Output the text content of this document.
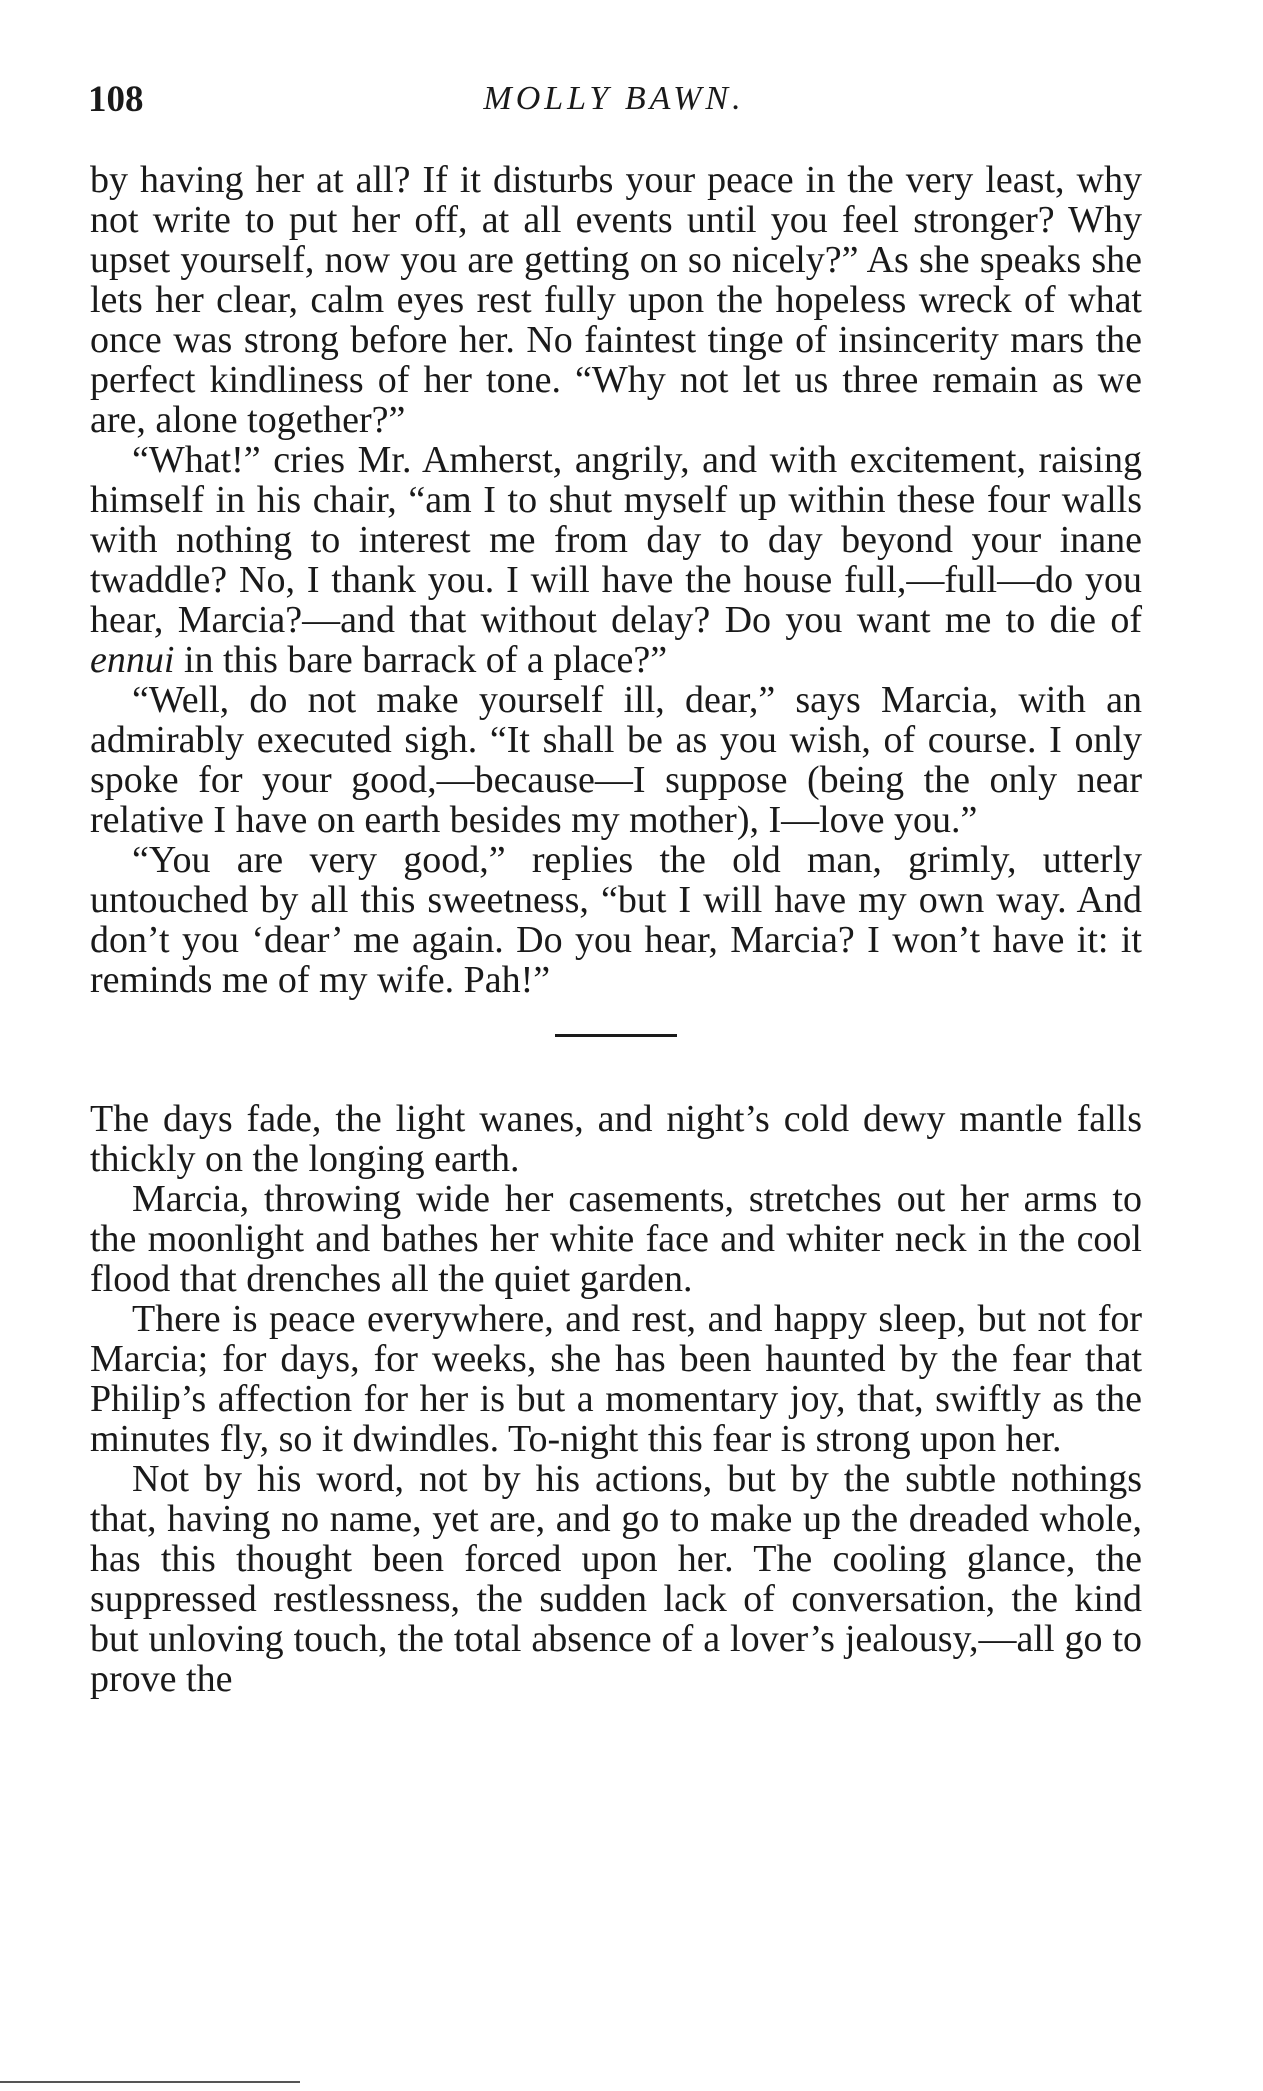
108	MOLLY BAWN.

by having her at all? If it disturbs your peace in the very least, why not write to put her off, at all events until you feel stronger? Why upset yourself, now you are getting on so nicely?” As she speaks she lets her clear, calm eyes rest fully upon the hopeless wreck of what once was strong before her. No faintest tinge of insincerity mars the perfect kindliness of her tone. “Why not let us three remain as we are, alone together?”

“What!” cries Mr. Amherst, angrily, and with excitement, raising himself in his chair, “am I to shut myself up within these four walls with nothing to interest me from day to day beyond your inane twaddle? No, I thank you. I will have the house full,—full—do you hear, Marcia?—and that without delay? Do you want me to die of ennui in this bare barrack of a place?”

“Well, do not make yourself ill, dear,” says Marcia, with an admirably executed sigh. “It shall be as you wish, of course. I only spoke for your good,—because—I suppose (being the only near relative I have on earth besides my mother), I—love you.”

“You are very good,” replies the old man, grimly, utterly untouched by all this sweetness, “but I will have my own way. And don’t you ‘dear’ me again. Do you hear, Marcia? I won’t have it: it reminds me of my wife. Pah!”

The days fade, the light wanes, and night’s cold dewy mantle falls thickly on the longing earth.

Marcia, throwing wide her casements, stretches out her arms to the moonlight and bathes her white face and whiter neck in the cool flood that drenches all the quiet garden.

There is peace everywhere, and rest, and happy sleep, but not for Marcia; for days, for weeks, she has been haunted by the fear that Philip’s affection for her is but a momentary joy, that, swiftly as the minutes fly, so it dwindles. To-night this fear is strong upon her.

Not by his word, not by his actions, but by the subtle nothings that, having no name, yet are, and go to make up the dreaded whole, has this thought been forced upon her. The cooling glance, the suppressed restlessness, the sudden lack of conversation, the kind but unloving touch, the total absence of a lover’s jealousy,—all go to prove the
